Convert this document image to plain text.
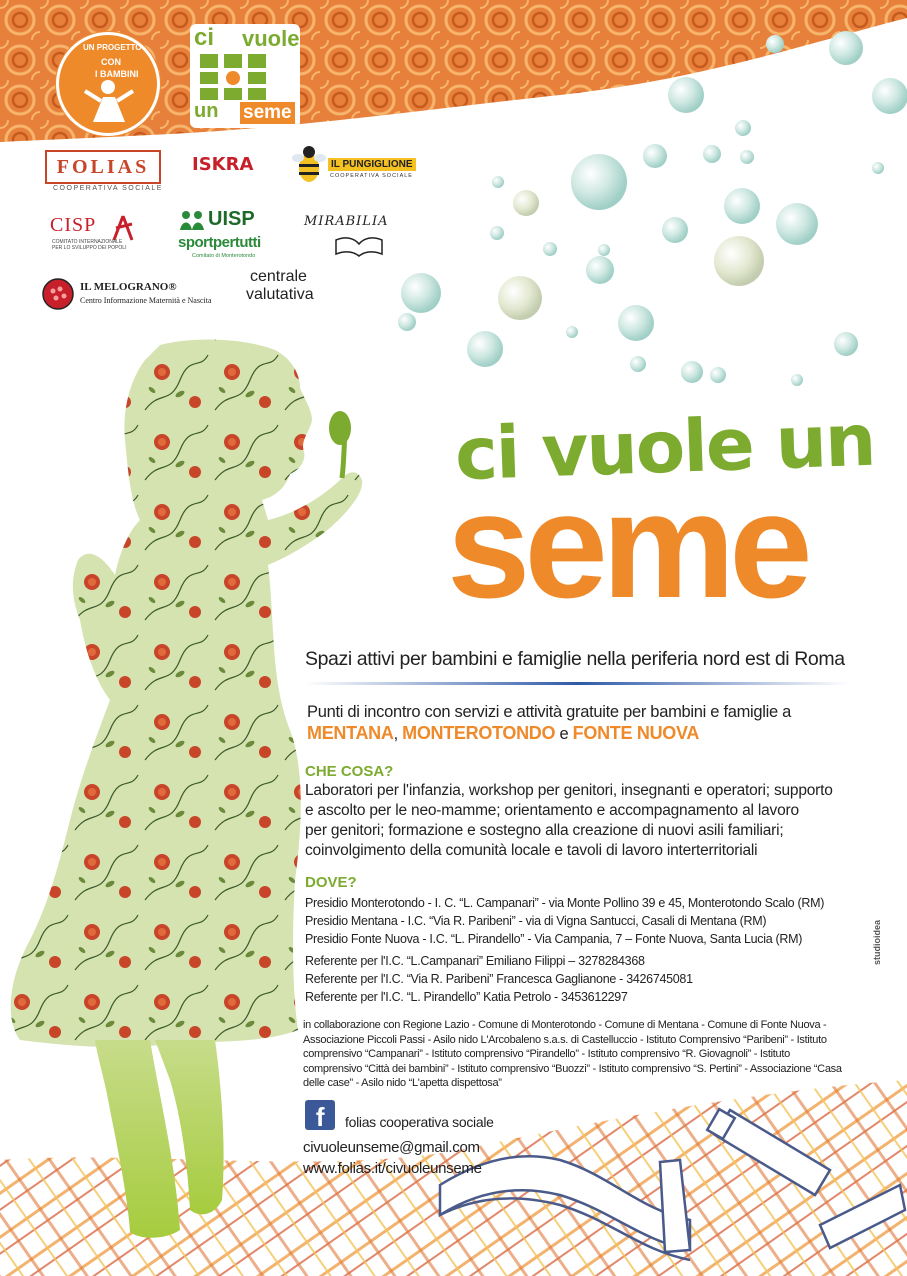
UN PROGETTO
CON
I BAMBINI
ci vuole
un seme
FOLIAS
COOPERATIVA SOCIALE
ISKRA	IL PUNGIGLIONE
COOPERATIVA SOCIALE
CISP
COMITATO INTERNAZIONALE
PER LO SVILUPPO DEI POPOLI
UISP
sportpertutti
Comitato di Monterotondo
MIRABILIA
IL MELOGRANO®
Centro Informazione Maternità e Nascita
centrale
valutativa
ci vuole un
seme
Spazi attivi per bambini e famiglie nella periferia nord est di Roma
Punti di incontro con servizi e attività gratuite per bambini e famiglie a
MENTANA, MONTEROTONDO e FONTE NUOVA
CHE COSA?
Laboratori per l'infanzia, workshop per genitori, insegnanti e operatori; supporto
e ascolto per le neo-mamme; orientamento e accompagnamento al lavoro
per genitori; formazione e sostegno alla creazione di nuovi asili familiari;
coinvolgimento della comunità locale e tavoli di lavoro interterritoriali
DOVE?
Presidio Monterotondo - I. C. “L. Campanari” - via Monte Pollino 39 e 45, Monterotondo Scalo (RM)
Presidio Mentana - I.C. “Via R. Paribeni” - via di Vigna Santucci, Casali di Mentana (RM)
Presidio Fonte Nuova - I.C. “L. Pirandello” - Via Campania, 7 – Fonte Nuova, Santa Lucia (RM)
Referente per l'I.C. “L.Campanari” Emiliano Filippi – 3278284368
Referente per l'I.C. “Via R. Paribeni” Francesca Gaglianone - 3426745081
Referente per l'I.C. “L. Pirandello” Katia Petrolo - 3453612297
in collaborazione con Regione Lazio - Comune di Monterotondo - Comune di Mentana - Comune di Fonte Nuova - Associazione Piccoli Passi - Asilo nido L'Arcobaleno s.a.s. di Castelluccio - Istituto Comprensivo “Paribeni” - Istituto comprensivo “Campanari” - Istituto comprensivo “Pirandello” - Istituto comprensivo “R. Giovagnoli” - Istituto comprensivo “Città dei bambini” - Istituto comprensivo “Buozzi” - Istituto comprensivo “S. Pertini” - Associazione “Casa delle case” - Asilo nido “L'apetta dispettosa”
f	folias cooperativa sociale
civuoleunseme@gmail.com
www.folias.it/civuoleunseme
studioidea
